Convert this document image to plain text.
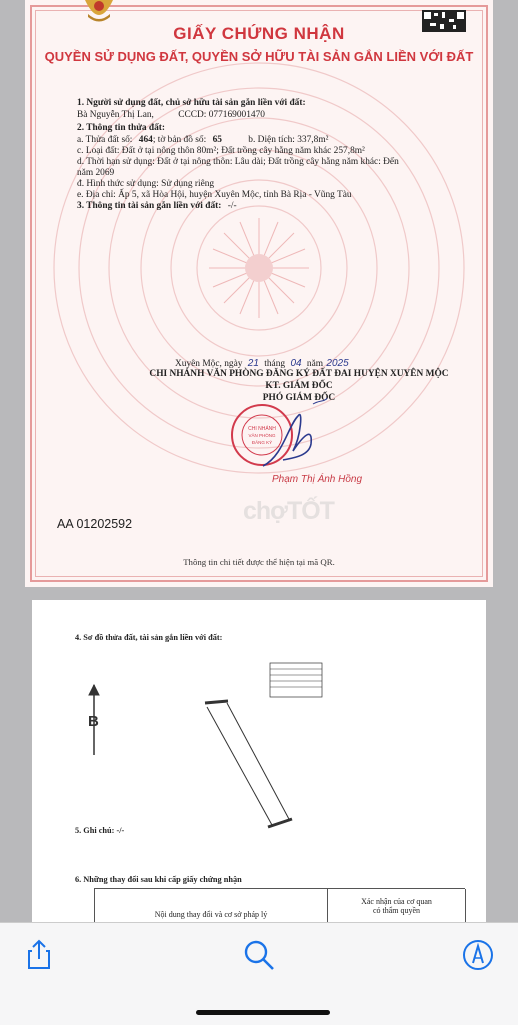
GIẤY CHỨNG NHẬN
QUYỀN SỬ DỤNG ĐẤT, QUYỀN SỞ HỮU TÀI SẢN GẮN LIỀN VỚI ĐẤT
1. Người sử dụng đất, chủ sở hữu tài sản gắn liền với đất:
Bà Nguyễn Thị Lan,	CCCD: 077169001470
2. Thông tin thửa đất:
a. Thửa đất số: 464; tờ bản đồ số: 65	b. Diện tích: 337,8m²
c. Loại đất: Đất ở tại nông thôn 80m²; Đất trồng cây hằng năm khác 257,8m²
d. Thời hạn sử dụng: Đất ở tại nông thôn: Lâu dài; Đất trồng cây hằng năm khác: Đến
năm 2069
đ. Hình thức sử dụng: Sử dụng riêng
e. Địa chỉ: Ấp 5, xã Hòa Hội, huyện Xuyên Mộc, tỉnh Bà Rịa - Vũng Tàu
3. Thông tin tài sản gắn liền với đất: -/-
Xuyên Mộc, ngày 21 tháng 04 năm 2025
CHI NHÁNH VĂN PHÒNG ĐĂNG KÝ ĐẤT ĐAI HUYỆN XUYÊN MỘC
KT. GIÁM ĐỐC
PHÓ GIÁM ĐỐC
CHI NHÁNH
VĂN PHÒNG
ĐĂNG KÝ
Phạm Thị Ánh Hồng
chợTỐT
AA 01202592
Thông tin chi tiết được thể hiện tại mã QR.
4. Sơ đồ thửa đất, tài sản gắn liền với đất:
B
5. Ghi chú: -/-
6. Những thay đổi sau khi cấp giấy chứng nhận
Nội dung thay đổi và cơ sở pháp lý
Xác nhận của cơ quan
có thẩm quyền
